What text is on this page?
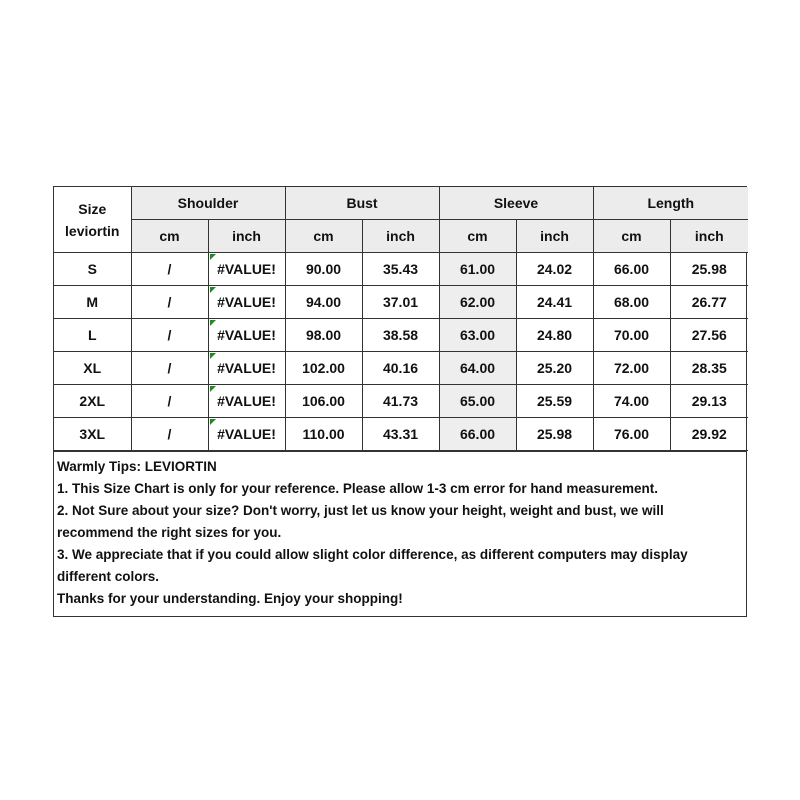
Size
leviortin	Shoulder		Bust		Sleeve		Length	
	cm	inch	cm	inch	cm	inch	cm	inch
S	/	#VALUE!	90.00	35.43	61.00	24.02	66.00	25.98
M	/	#VALUE!	94.00	37.01	62.00	24.41	68.00	26.77
L	/	#VALUE!	98.00	38.58	63.00	24.80	70.00	27.56
XL	/	#VALUE!	102.00	40.16	64.00	25.20	72.00	28.35
2XL	/	#VALUE!	106.00	41.73	65.00	25.59	74.00	29.13
3XL	/	#VALUE!	110.00	43.31	66.00	25.98	76.00	29.92

Warmly Tips: LEVIORTIN

1. This Size Chart is only for your reference. Please allow 1-3 cm error for hand measurement.

2. Not Sure about your size? Don't worry, just let us know your height, weight and bust, we will recommend the right sizes for you.

3. We appreciate that if you could allow slight color difference, as different computers may display different colors.

Thanks for your understanding. Enjoy your shopping!
